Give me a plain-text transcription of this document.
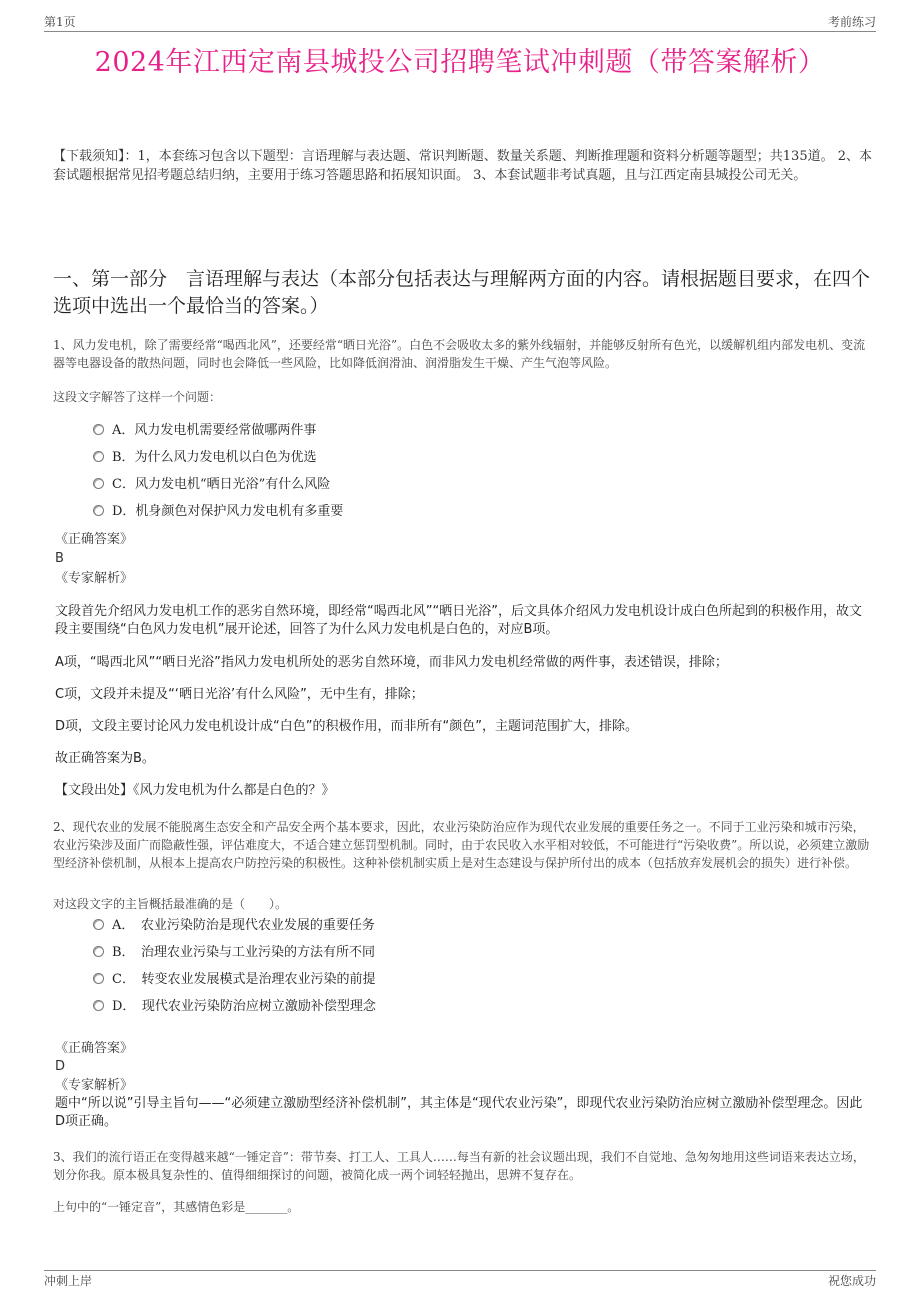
第1页	考前练习
2024年江西定南县城投公司招聘笔试冲刺题（带答案解析）
【下载须知】：1，本套练习包含以下题型：言语理解与表达题、常识判断题、数量关系题、判断推理题和资料分析题等题型；共135道。 2、本套试题根据常见招考题总结归纳，主要用于练习答题思路和拓展知识面。 3、本套试题非考试真题，且与江西定南县城投公司无关。
一、第一部分　言语理解与表达（本部分包括表达与理解两方面的内容。请根据题目要求，在四个选项中选出一个最恰当的答案。）
1、风力发电机，除了需要经常“喝西北风”，还要经常“晒日光浴”。白色不会吸收太多的紫外线辐射，并能够反射所有色光，以缓解机组内部发电机、变流器等电器设备的散热问题，同时也会降低一些风险，比如降低润滑油、润滑脂发生干燥、产生气泡等风险。
这段文字解答了这样一个问题：
A．风力发电机需要经常做哪两件事
B．为什么风力发电机以白色为优选
C．风力发电机“晒日光浴”有什么风险
D．机身颜色对保护风力发电机有多重要
《正确答案》
B
《专家解析》
文段首先介绍风力发电机工作的恶劣自然环境，即经常“喝西北风”“晒日光浴”，后文具体介绍风力发电机设计成白色所起到的积极作用，故文段主要围绕“白色风力发电机”展开论述，回答了为什么风力发电机是白色的，对应B项。
A项，“喝西北风”“晒日光浴”指风力发电机所处的恶劣自然环境，而非风力发电机经常做的两件事，表述错误，排除；
C项，文段并未提及“‘晒日光浴’有什么风险”，无中生有，排除；
D项，文段主要讨论风力发电机设计成“白色”的积极作用，而非所有“颜色”，主题词范围扩大，排除。
故正确答案为B。
【文段出处】《风力发电机为什么都是白色的？》
2、现代农业的发展不能脱离生态安全和产品安全两个基本要求，因此，农业污染防治应作为现代农业发展的重要任务之一。不同于工业污染和城市污染，农业污染涉及面广而隐蔽性强，评估难度大，不适合建立惩罚型机制。同时，由于农民收入水平相对较低，不可能进行“污染收费”。所以说，必须建立激励型经济补偿机制，从根本上提高农户防控污染的积极性。这种补偿机制实质上是对生态建设与保护所付出的成本（包括放弃发展机会的损失）进行补偿。
对这段文字的主旨概括最准确的是（　　）。
A．　农业污染防治是现代农业发展的重要任务
B．　治理农业污染与工业污染的方法有所不同
C．　转变农业发展模式是治理农业污染的前提
D．　现代农业污染防治应树立激励补偿型理念
《正确答案》
D
《专家解析》
题中“所以说”引导主旨句——“必须建立激励型经济补偿机制”，其主体是“现代农业污染”，即现代农业污染防治应树立激励补偿型理念。因此D项正确。
3、我们的流行语正在变得越来越“一锤定音”：带节奏、打工人、工具人……每当有新的社会议题出现，我们不自觉地、急匆匆地用这些词语来表达立场，划分你我。原本极具复杂性的、值得细细探讨的问题，被简化成一两个词轻轻抛出，思辨不复存在。
上句中的“一锤定音”，其感情色彩是_______。
冲刺上岸	祝您成功
